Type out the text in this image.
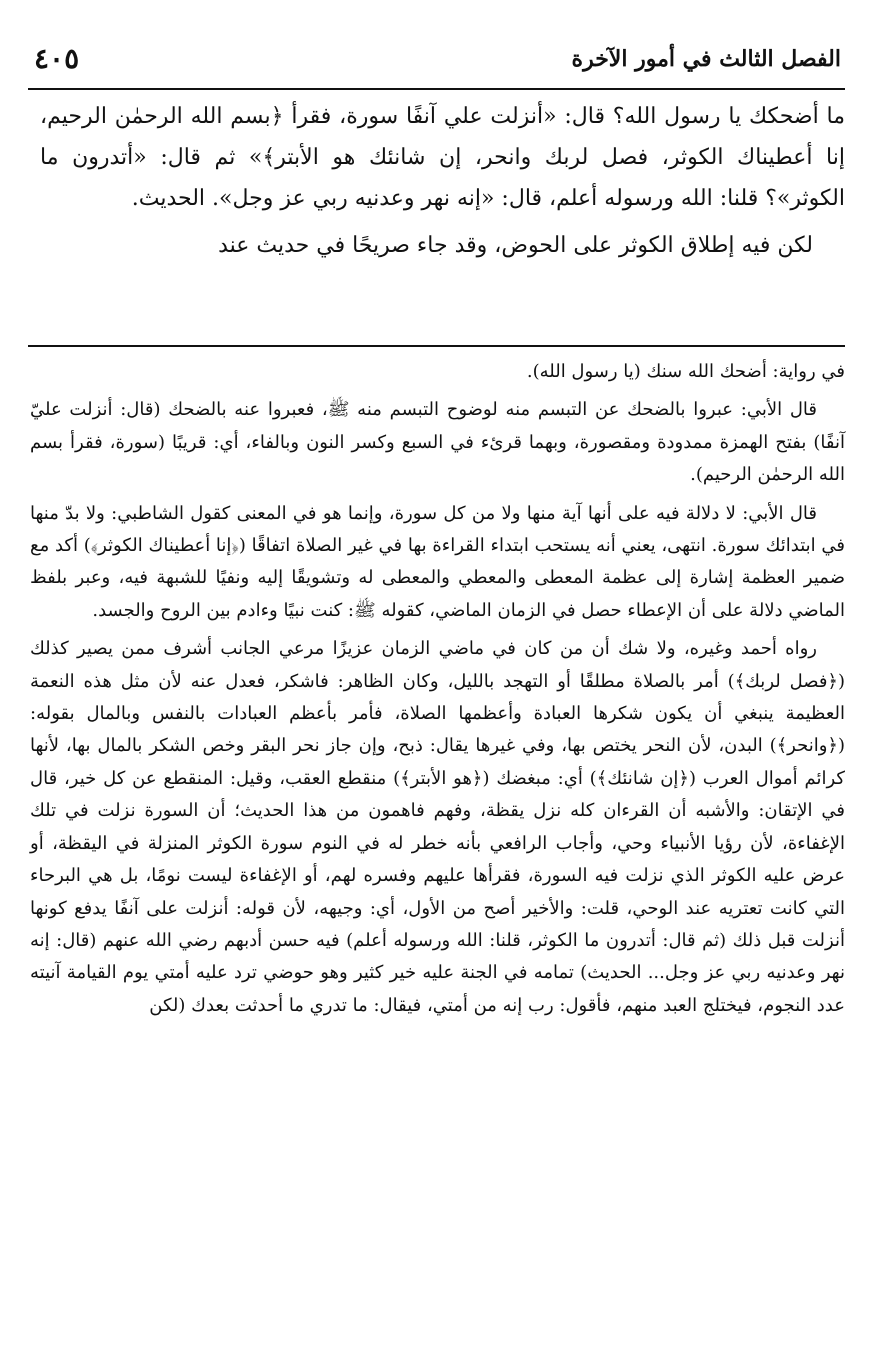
٤٠٥	الفصل الثالث في أمور الآخرة

ما أضحكك يا رسول الله؟ قال: «أنزلت علي آنفًا سورة، فقرأ ﴿بسم الله الرحمٰن الرحيم، إنا أعطيناك الكوثر، فصل لربك وانحر، إن شانئك هو الأبتر﴾» ثم قال: «أتدرون ما الكوثر»؟ قلنا: الله ورسوله أعلم، قال: «إنه نهر وعدنيه ربي عز وجل». الحديث.

لكن فيه إطلاق الكوثر على الحوض، وقد جاء صريحًا في حديث عند

في رواية: أضحك الله سنك (يا رسول الله).

قال الأبي: عبروا بالضحك عن التبسم منه لوضوح التبسم منه ﷺ، فعبروا عنه بالضحك (قال: أنزلت عليّ آنفًا) بفتح الهمزة ممدودة ومقصورة، وبهما قرئء في السبع وكسر النون وبالفاء، أي: قريبًا (سورة، فقرأ بسم الله الرحمٰن الرحيم).

قال الأبي: لا دلالة فيه على أنها آية منها ولا من كل سورة، وإنما هو في المعنى كقول الشاطبي: ولا بدّ منها في ابتدائك سورة. انتهى، يعني أنه يستحب ابتداء القراءة بها في غير الصلاة اتفاقًا (﴿إنا أعطيناك الكوثر﴾) أكد مع ضمير العظمة إشارة إلى عظمة المعطى والمعطي والمعطى له وتشويقًا إليه ونفيًا للشبهة فيه، وعبر بلفظ الماضي دلالة على أن الإعطاء حصل في الزمان الماضي، كقوله ﷺ: كنت نبيًا وءادم بين الروح والجسد.

رواه أحمد وغيره، ولا شك أن من كان في ماضي الزمان عزيزًا مرعي الجانب أشرف ممن يصير كذلك (﴿فصل لربك﴾) أمر بالصلاة مطلقًا أو التهجد بالليل، وكان الظاهر: فاشكر، فعدل عنه لأن مثل هذه النعمة العظيمة ينبغي أن يكون شكرها العبادة وأعظمها الصلاة، فأمر بأعظم العبادات بالنفس وبالمال بقوله: (﴿وانحر﴾) البدن، لأن النحر يختص بها، وفي غيرها يقال: ذبح، وإن جاز نحر البقر وخص الشكر بالمال بها، لأنها كرائم أموال العرب (﴿إن شانئك﴾) أي: مبغضك (﴿هو الأبتر﴾) منقطع العقب، وقيل: المنقطع عن كل خير، قال في الإتقان: والأشبه أن القرءان كله نزل يقظة، وفهم فاهمون من هذا الحديث؛ أن السورة نزلت في تلك الإغفاءة، لأن رؤيا الأنبياء وحي، وأجاب الرافعي بأنه خطر له في النوم سورة الكوثر المنزلة في اليقظة، أو عرض عليه الكوثر الذي نزلت فيه السورة، فقرأها عليهم وفسره لهم، أو الإغفاءة ليست نومًا، بل هي البرحاء التي كانت تعتريه عند الوحي، قلت: والأخير أصح من الأول، أي: وجيهه، لأن قوله: أنزلت على آنفًا يدفع كونها أنزلت قبل ذلك (ثم قال: أتدرون ما الكوثر، قلنا: الله ورسوله أعلم) فيه حسن أدبهم رضي الله عنهم (قال: إنه نهر وعدنيه ربي عز وجل... الحديث) تمامه في الجنة عليه خير كثير وهو حوضي ترد عليه أمتي يوم القيامة آنيته عدد النجوم، فيختلج العبد منهم، فأقول: رب إنه من أمتي، فيقال: ما تدري ما أحدثت بعدك (لكن
